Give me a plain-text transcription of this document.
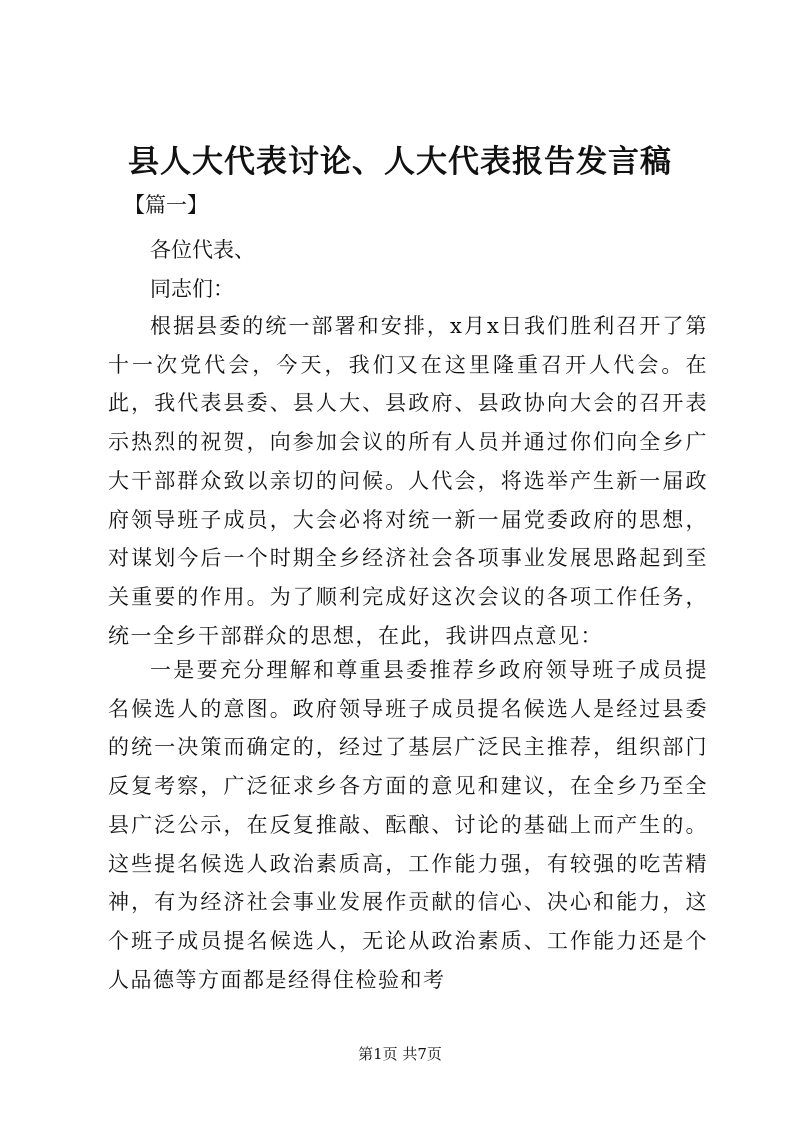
县人大代表讨论、人大代表报告发言稿

【篇一】

各位代表、

同志们：

根据县委的统一部署和安排，x月x日我们胜利召开了第十一次党代会，今天，我们又在这里隆重召开人代会。在此，我代表县委、县人大、县政府、县政协向大会的召开表示热烈的祝贺，向参加会议的所有人员并通过你们向全乡广大干部群众致以亲切的问候。人代会，将选举产生新一届政府领导班子成员，大会必将对统一新一届党委政府的思想，对谋划今后一个时期全乡经济社会各项事业发展思路起到至关重要的作用。为了顺利完成好这次会议的各项工作任务，统一全乡干部群众的思想，在此，我讲四点意见：

一是要充分理解和尊重县委推荐乡政府领导班子成员提名候选人的意图。政府领导班子成员提名候选人是经过县委的统一决策而确定的，经过了基层广泛民主推荐，组织部门反复考察，广泛征求乡各方面的意见和建议，在全乡乃至全县广泛公示，在反复推敲、酝酿、讨论的基础上而产生的。这些提名候选人政治素质高，工作能力强，有较强的吃苦精神，有为经济社会事业发展作贡献的信心、决心和能力，这个班子成员提名候选人，无论从政治素质、工作能力还是个人品德等方面都是经得住检验和考

第1页 共7页
